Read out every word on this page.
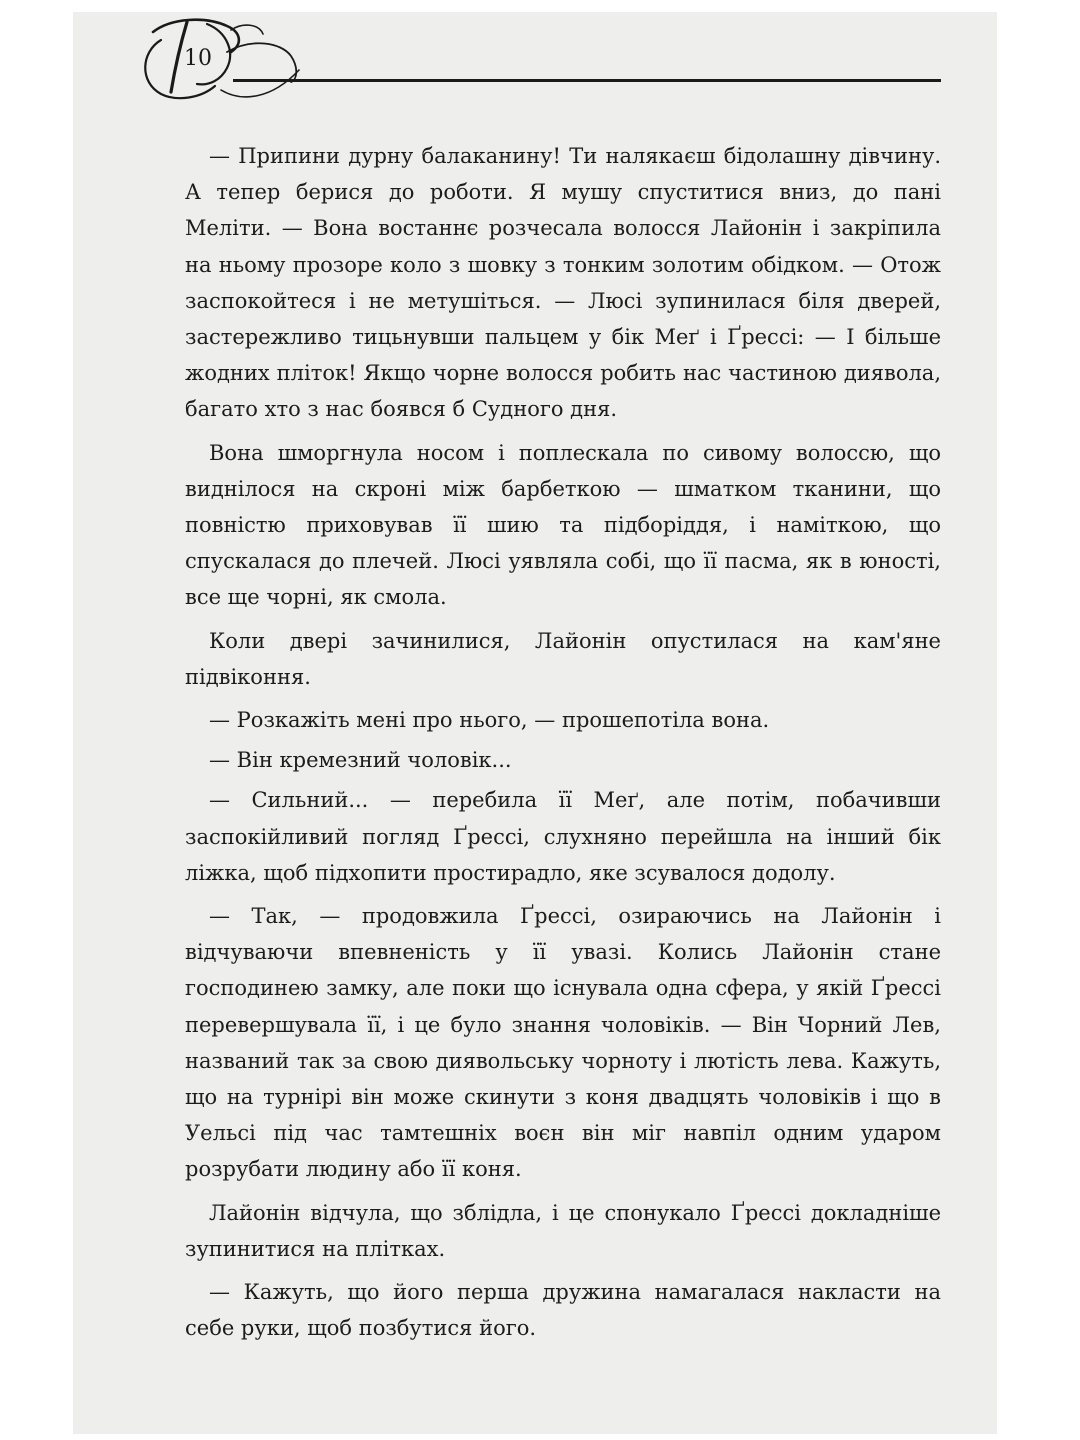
10

— Припини дурну балаканину! Ти налякаєш бідолашну дівчину. А тепер берися до роботи. Я мушу спуститися вниз, до пані Меліти. — Вона востаннє розчесала волосся Лайонін і закріпила на ньому прозоре коло з шовку з тонким золотим обідком. — Отож заспокойтеся і не метушіться. — Люсі зупинилася біля дверей, застережливо тицьнувши пальцем у бік Меґ і Ґрессі: — І більше жодних пліток! Якщо чорне волосся робить нас частиною диявола, багато хто з нас боявся б Судного дня.

Вона шморгнула носом і поплескала по сивому волоссю, що виднілося на скроні між барбеткою — шматком тканини, що повністю приховував її шию та підборіддя, і наміткою, що спускалася до плечей. Люсі уявляла собі, що її пасма, як в юності, все ще чорні, як смола.

Коли двері зачинилися, Лайонін опустилася на кам'яне підвіконня.

— Розкажіть мені про нього, — прошепотіла вона.

— Він кремезний чоловік...

— Сильний... — перебила її Меґ, але потім, побачивши заспокійливий погляд Ґрессі, слухняно перейшла на інший бік ліжка, щоб підхопити простирадло, яке зсувалося додолу.

— Так, — продовжила Ґрессі, озираючись на Лайонін і відчуваючи впевненість у її увазі. Колись Лайонін стане господинею замку, але поки що існувала одна сфера, у якій Ґрессі перевершувала її, і це було знання чоловіків. — Він Чорний Лев, названий так за свою диявольську чорноту і лютість лева. Кажуть, що на турнірі він може скинути з коня двадцять чоловіків і що в Уельсі під час тамтешніх воєн він міг навпіл одним ударом розрубати людину або її коня.

Лайонін відчула, що зблідла, і це спонукало Ґрессі докладніше зупинитися на плітках.

— Кажуть, що його перша дружина намагалася накласти на себе руки, щоб позбутися його.
